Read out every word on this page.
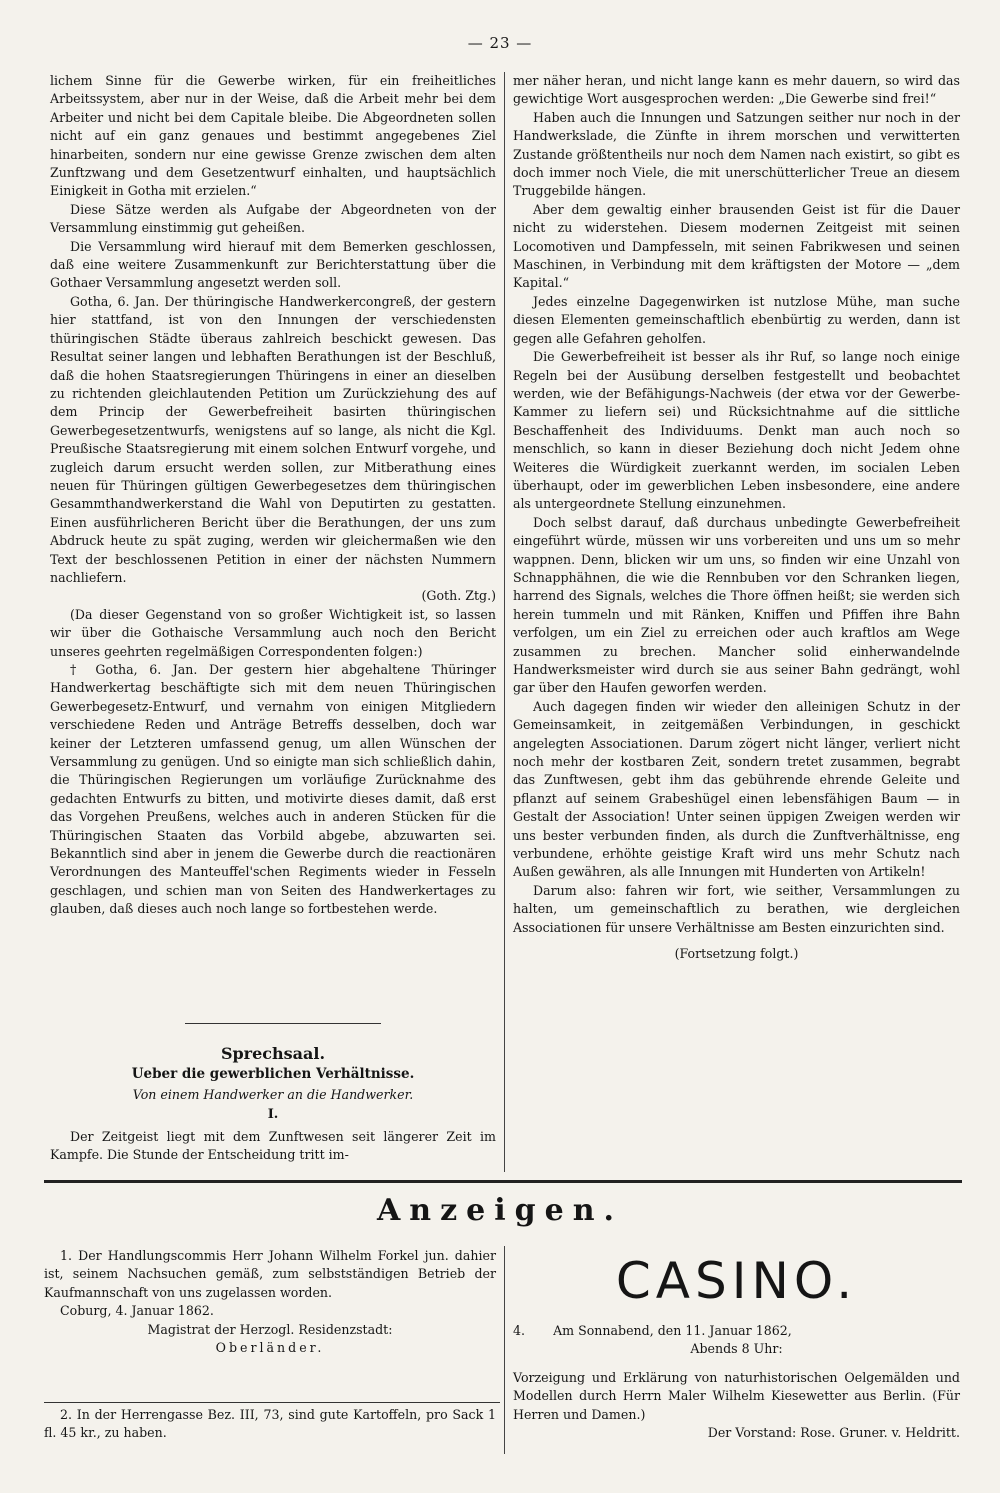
— 23 —

lichem Sinne für die Gewerbe wirken, für ein freiheitliches Arbeitssystem, aber nur in der Weise, daß die Arbeit mehr bei dem Arbeiter und nicht bei dem Capitale bleibe. Die Abgeordneten sollen nicht auf ein ganz genaues und bestimmt angegebenes Ziel hinarbeiten, sondern nur eine gewisse Grenze zwischen dem alten Zunftzwang und dem Gesetzentwurf einhalten, und hauptsächlich Einigkeit in Gotha mit erzielen.“

Diese Sätze werden als Aufgabe der Abgeordneten von der Versammlung einstimmig gut geheißen.

Die Versammlung wird hierauf mit dem Bemerken geschlossen, daß eine weitere Zusammenkunft zur Berichterstattung über die Gothaer Versammlung angesetzt werden soll.

Gotha, 6. Jan. Der thüringische Handwerkercongreß, der gestern hier stattfand, ist von den Innungen der verschiedensten thüringischen Städte überaus zahlreich beschickt gewesen. Das Resultat seiner langen und lebhaften Berathungen ist der Beschluß, daß die hohen Staatsregierungen Thüringens in einer an dieselben zu richtenden gleichlautenden Petition um Zurückziehung des auf dem Princip der Gewerbefreiheit basirten thüringischen Gewerbegesetzentwurfs, wenigstens auf so lange, als nicht die Kgl. Preußische Staatsregierung mit einem solchen Entwurf vorgehe, und zugleich darum ersucht werden sollen, zur Mitberathung eines neuen für Thüringen gültigen Gewerbegesetzes dem thüringischen Gesammthandwerkerstand die Wahl von Deputirten zu gestatten. Einen ausführlicheren Bericht über die Berathungen, der uns zum Abdruck heute zu spät zuging, werden wir gleichermaßen wie den Text der beschlossenen Petition in einer der nächsten Nummern nachliefern.

(Goth. Ztg.)

(Da dieser Gegenstand von so großer Wichtigkeit ist, so lassen wir über die Gothaische Versammlung auch noch den Bericht unseres geehrten regelmäßigen Correspondenten folgen:)

† Gotha, 6. Jan. Der gestern hier abgehaltene Thüringer Handwerkertag beschäftigte sich mit dem neuen Thüringischen Gewerbegesetz-Entwurf, und vernahm von einigen Mitgliedern verschiedene Reden und Anträge Betreffs desselben, doch war keiner der Letzteren umfassend genug, um allen Wünschen der Versammlung zu genügen. Und so einigte man sich schließlich dahin, die Thüringischen Regierungen um vorläufige Zurücknahme des gedachten Entwurfs zu bitten, und motivirte dieses damit, daß erst das Vorgehen Preußens, welches auch in anderen Stücken für die Thüringischen Staaten das Vorbild abgebe, abzuwarten sei. Bekanntlich sind aber in jenem die Gewerbe durch die reactionären Verordnungen des Manteuffel'schen Regiments wieder in Fesseln geschlagen, und schien man von Seiten des Handwerkertages zu glauben, daß dieses auch noch lange so fortbestehen werde.

Sprechsaal.
Ueber die gewerblichen Verhältnisse.
Von einem Handwerker an die Handwerker.
I.

Der Zeitgeist liegt mit dem Zunftwesen seit längerer Zeit im Kampfe. Die Stunde der Entscheidung tritt im-

mer näher heran, und nicht lange kann es mehr dauern, so wird das gewichtige Wort ausgesprochen werden: „Die Gewerbe sind frei!“

Haben auch die Innungen und Satzungen seither nur noch in der Handwerkslade, die Zünfte in ihrem morschen und verwitterten Zustande größtentheils nur noch dem Namen nach existirt, so gibt es doch immer noch Viele, die mit unerschütterlicher Treue an diesem Truggebilde hängen.

Aber dem gewaltig einher brausenden Geist ist für die Dauer nicht zu widerstehen. Diesem modernen Zeitgeist mit seinen Locomotiven und Dampfesseln, mit seinen Fabrikwesen und seinen Maschinen, in Verbindung mit dem kräftigsten der Motore — „dem Kapital.“

Jedes einzelne Dagegenwirken ist nutzlose Mühe, man suche diesen Elementen gemeinschaftlich ebenbürtig zu werden, dann ist gegen alle Gefahren geholfen.

Die Gewerbefreiheit ist besser als ihr Ruf, so lange noch einige Regeln bei der Ausübung derselben festgestellt und beobachtet werden, wie der Befähigungs-Nachweis (der etwa vor der Gewerbe-Kammer zu liefern sei) und Rücksichtnahme auf die sittliche Beschaffenheit des Individuums. Denkt man auch noch so menschlich, so kann in dieser Beziehung doch nicht Jedem ohne Weiteres die Würdigkeit zuerkannt werden, im socialen Leben überhaupt, oder im gewerblichen Leben insbesondere, eine andere als untergeordnete Stellung einzunehmen.

Doch selbst darauf, daß durchaus unbedingte Gewerbefreiheit eingeführt würde, müssen wir uns vorbereiten und uns um so mehr wappnen. Denn, blicken wir um uns, so finden wir eine Unzahl von Schnapphähnen, die wie die Rennbuben vor den Schranken liegen, harrend des Signals, welches die Thore öffnen heißt; sie werden sich herein tummeln und mit Ränken, Kniffen und Pfiffen ihre Bahn verfolgen, um ein Ziel zu erreichen oder auch kraftlos am Wege zusammen zu brechen. Mancher solid einherwandelnde Handwerksmeister wird durch sie aus seiner Bahn gedrängt, wohl gar über den Haufen geworfen werden.

Auch dagegen finden wir wieder den alleinigen Schutz in der Gemeinsamkeit, in zeitgemäßen Verbindungen, in geschickt angelegten Associationen. Darum zögert nicht länger, verliert nicht noch mehr der kostbaren Zeit, sondern tretet zusammen, begrabt das Zunftwesen, gebt ihm das gebührende ehrende Geleite und pflanzt auf seinem Grabeshügel einen lebensfähigen Baum — in Gestalt der Association! Unter seinen üppigen Zweigen werden wir uns bester verbunden finden, als durch die Zunftverhältnisse, eng verbundene, erhöhte geistige Kraft wird uns mehr Schutz nach Außen gewähren, als alle Innungen mit Hunderten von Artikeln!

Darum also: fahren wir fort, wie seither, Versammlungen zu halten, um gemeinschaftlich zu berathen, wie dergleichen Associationen für unsere Verhältnisse am Besten einzurichten sind.

(Fortsetzung folgt.)

Anzeigen.

1. Der Handlungscommis Herr Johann Wilhelm Forkel jun. dahier ist, seinem Nachsuchen gemäß, zum selbstständigen Betrieb der Kaufmannschaft von uns zugelassen worden.

Coburg, 4. Januar 1862.

Magistrat der Herzogl. Residenzstadt:

Oberländer.

2. In der Herrengasse Bez. III, 73, sind gute Kartoffeln, pro Sack 1 fl. 45 kr., zu haben.

CASINO.

4. Am Sonnabend, den 11. Januar 1862,

Abends 8 Uhr:

Vorzeigung und Erklärung von naturhistorischen Oelgemälden und Modellen durch Herrn Maler Wilhelm Kiesewetter aus Berlin. (Für Herren und Damen.)

Der Vorstand: Rose. Gruner. v. Heldritt.
